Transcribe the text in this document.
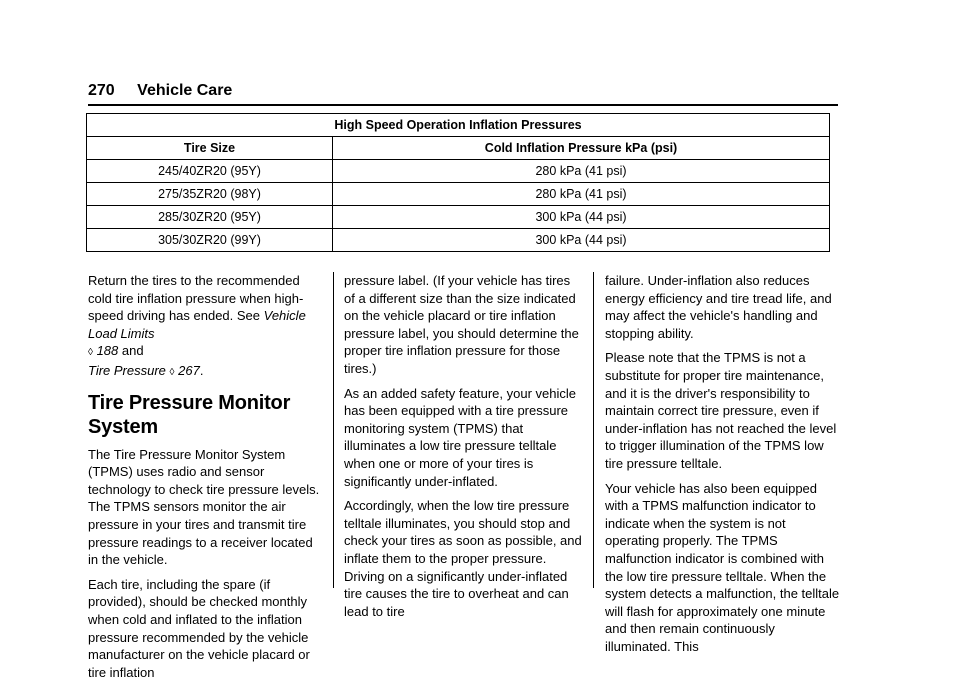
270 Vehicle Care
High Speed Operation Inflation Pressures	
Tire Size	Cold Inflation Pressure kPa (psi)
245/40ZR20 (95Y)	280 kPa (41 psi)
275/35ZR20 (98Y)	280 kPa (41 psi)
285/30ZR20 (95Y)	300 kPa (44 psi)
305/30ZR20 (99Y)	300 kPa (44 psi)

Return the tires to the recommended cold tire inflation pressure when high-speed driving has ended. See Vehicle Load Limits
◊ 188 and
Tire Pressure ◊ 267.

Tire Pressure Monitor System

The Tire Pressure Monitor System (TPMS) uses radio and sensor technology to check tire pressure levels. The TPMS sensors monitor the air pressure in your tires and transmit tire pressure readings to a receiver located in the vehicle.

Each tire, including the spare (if provided), should be checked monthly when cold and inflated to the inflation pressure recommended by the vehicle manufacturer on the vehicle placard or tire inflation

pressure label. (If your vehicle has tires of a different size than the size indicated on the vehicle placard or tire inflation pressure label, you should determine the proper tire inflation pressure for those tires.)

As an added safety feature, your vehicle has been equipped with a tire pressure monitoring system (TPMS) that illuminates a low tire pressure telltale when one or more of your tires is significantly under-inflated.

Accordingly, when the low tire pressure telltale illuminates, you should stop and check your tires as soon as possible, and inflate them to the proper pressure. Driving on a significantly under-inflated tire causes the tire to overheat and can lead to tire

failure. Under-inflation also reduces energy efficiency and tire tread life, and may affect the vehicle's handling and stopping ability.

Please note that the TPMS is not a substitute for proper tire maintenance, and it is the driver's responsibility to maintain correct tire pressure, even if under-inflation has not reached the level to trigger illumination of the TPMS low tire pressure telltale.

Your vehicle has also been equipped with a TPMS malfunction indicator to indicate when the system is not operating properly. The TPMS malfunction indicator is combined with the low tire pressure telltale. When the system detects a malfunction, the telltale will flash for approximately one minute and then remain continuously illuminated. This
